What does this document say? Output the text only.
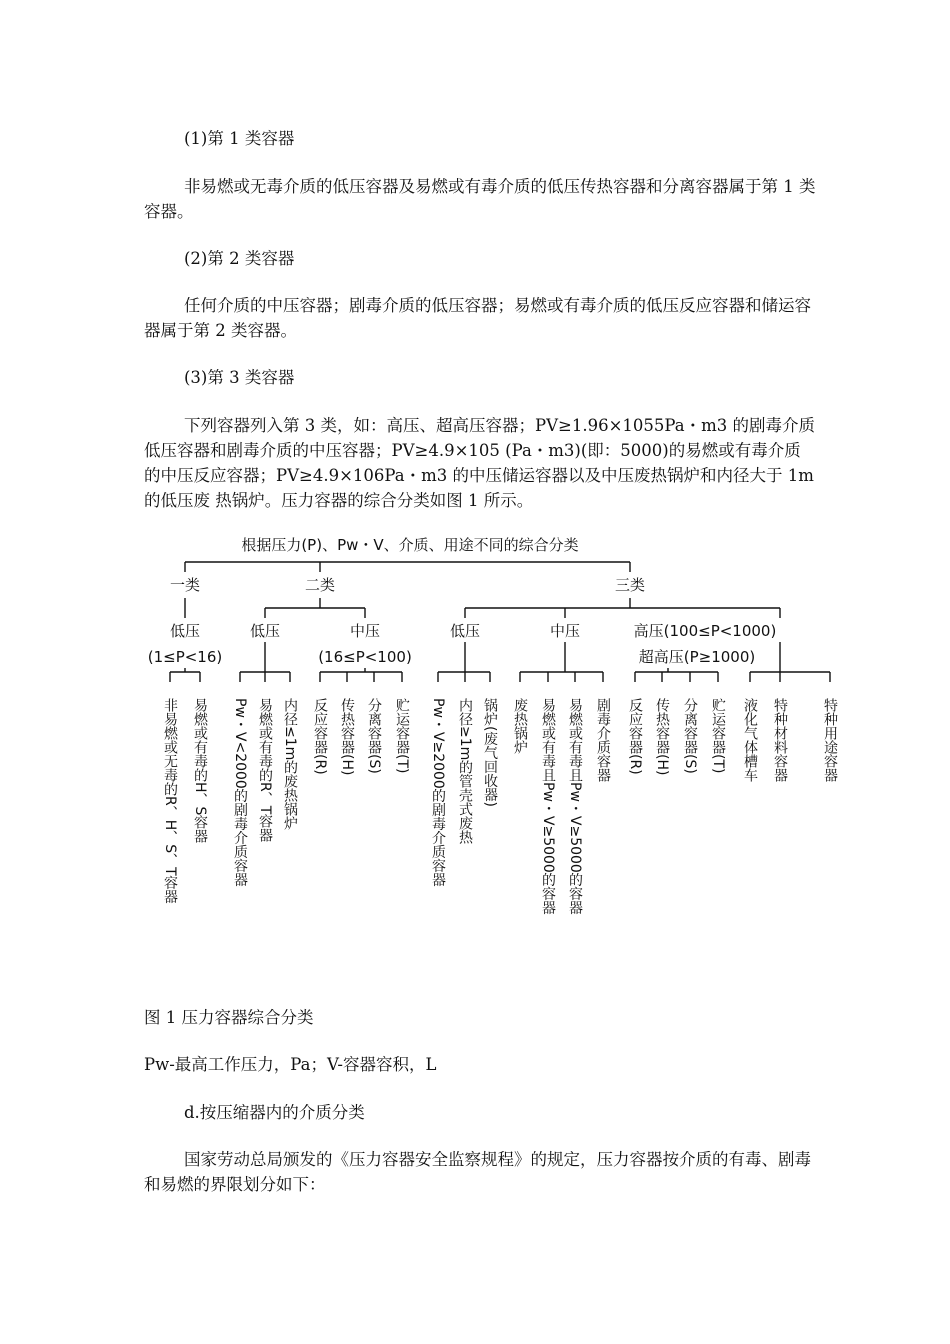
(1)第 1 类容器

非易燃或无毒介质的低压容器及易燃或有毒介质的低压传热容器和分离容器属于第 1 类容器。

(2)第 2 类容器

任何介质的中压容器；剧毒介质的低压容器；易燃或有毒介质的低压反应容器和储运容器属于第 2 类容器。

(3)第 3 类容器

下列容器列入第 3 类，如：高压、超高压容器；PV≥1.96×1055Pa・m3 的剧毒介质低压容器和剧毒介质的中压容器；PV≥4.9×105 (Pa・m3)(即：5000)的易燃或有毒介质的中压反应容器；PV≥4.9×106Pa・m3 的中压储运容器以及中压废热锅炉和内径大于 1m 的低压废 热锅炉。压力容器的综合分类如图 1 所示。

根据压力(P)、Pw・V、介质、用途不同的综合分类
一类	二类	三类
低压
(1≤P<16)
低压	中压
(16≤P<100)
低压	中压	高压(100≤P<1000)
超高压(P≥1000)
非易燃或无毒的R、H、S、T容器 易燃或有毒的H、S容器 Pw・V<2000的剧毒介质容器 易燃或有毒的R、T容器 内径≤1m的废热锅炉 反应容器(R) 传热容器(H) 分离容器(S) 贮运容器(T) Pw・V≥2000的剧毒介质容器 内径≥1m的管壳式废热 锅炉(废气回收器) 废热锅炉 易燃或有毒且Pw・V≥5000的容器 易燃或有毒且Pw・V≥5000的容器 剧毒介质容器 反应容器(R) 传热容器(H) 分离容器(S) 贮运容器(T) 液化气体槽车 特种材料容器 特种用途容器

图 1 压力容器综合分类

Pw-最高工作压力，Pa；V-容器容积，L

d.按压缩器内的介质分类

国家劳动总局颁发的《压力容器安全监察规程》的规定，压力容器按介质的有毒、剧毒和易燃的界限划分如下：
